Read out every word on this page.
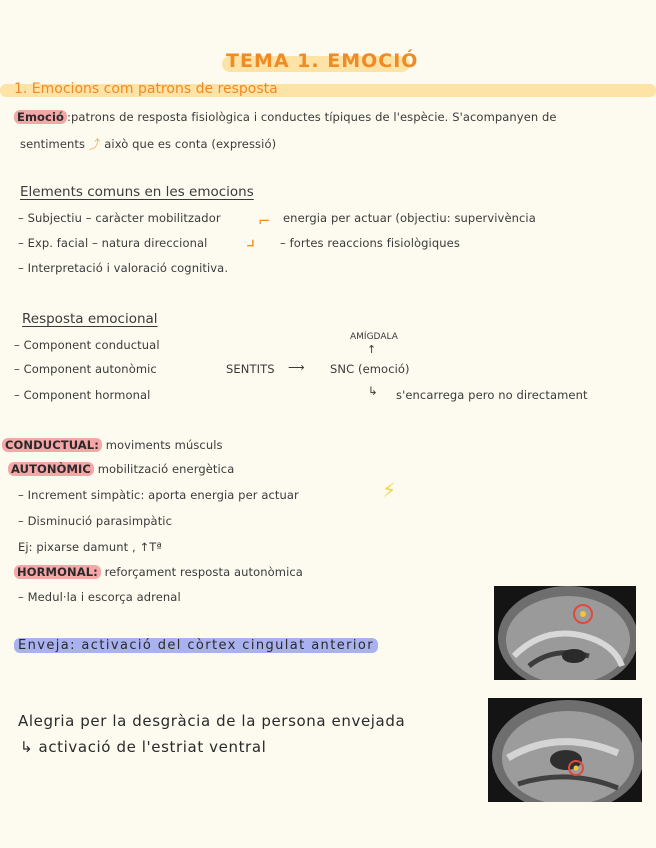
TEMA 1. EMOCIÓ
1. Emocions com patrons de resposta
Emoció :patrons de resposta fisiològica i conductes típiques de l'espècie. S'acompanyen de
sentiments ⤴ això que es conta (expressió)
Elements comuns en les emocions
– Subjectiu – caràcter mobilitzador ⌐ energia per actuar (objectiu: supervivència
– Exp. facial – natura direccional ⌟ – fortes reaccions fisiològiques
– Interpretació i valoració cognitiva.
Resposta emocional
AMÍGDALA
↑
– Component conductual
– Component autonòmic	SENTITS ⟶ SNC (emoció)
– Component hormonal	↳ s'encarrega pero no directament
CONDUCTUAL: moviments músculs
AUTONÒMIC mobilització energètica
– Increment simpàtic: aporta energia per actuar	⚡
– Disminució parasimpàtic
Ej: pixarse damunt , ↑Tª
HORMONAL: reforçament resposta autonòmica
– Medul·la i escorça adrenal
Enveja: activació del còrtex cingulat anterior
Alegria per la desgràcia de la persona envejada
↳ activació de l'estriat ventral
